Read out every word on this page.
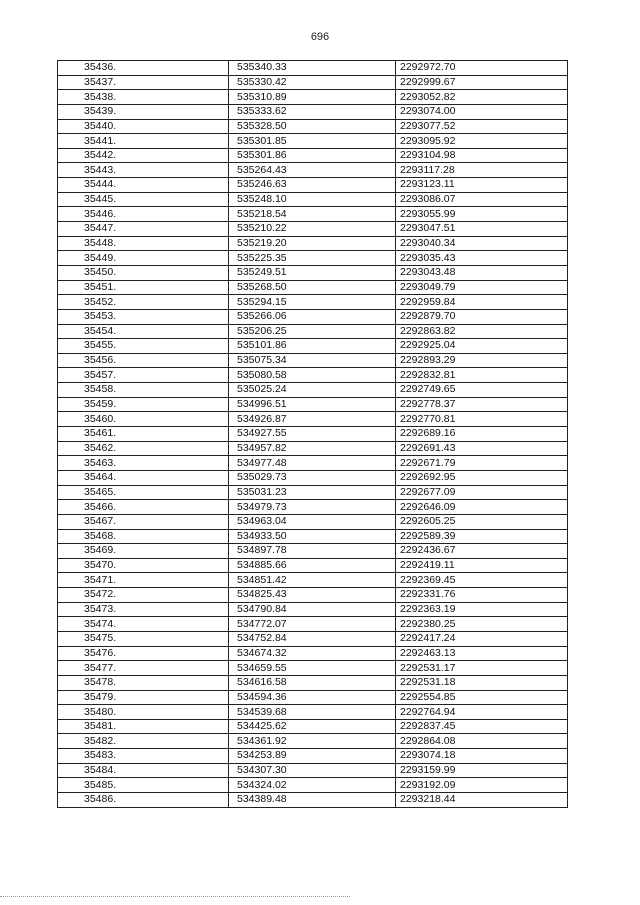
696
35436.	535340.33	2292972.70
35437.	535330.42	2292999.67
35438.	535310.89	2293052.82
35439.	535333.62	2293074.00
35440.	535328.50	2293077.52
35441.	535301.85	2293095.92
35442.	535301.86	2293104.98
35443.	535264.43	2293117.28
35444.	535246.63	2293123.11
35445.	535248.10	2293086.07
35446.	535218.54	2293055.99
35447.	535210.22	2293047.51
35448.	535219.20	2293040.34
35449.	535225.35	2293035.43
35450.	535249.51	2293043.48
35451.	535268.50	2293049.79
35452.	535294.15	2292959.84
35453.	535266.06	2292879.70
35454.	535206.25	2292863.82
35455.	535101.86	2292925.04
35456.	535075.34	2292893.29
35457.	535080.58	2292832.81
35458.	535025.24	2292749.65
35459.	534996.51	2292778.37
35460.	534926.87	2292770.81
35461.	534927.55	2292689.16
35462.	534957.82	2292691.43
35463.	534977.48	2292671.79
35464.	535029.73	2292692.95
35465.	535031.23	2292677.09
35466.	534979.73	2292646.09
35467.	534963.04	2292605.25
35468.	534933.50	2292589.39
35469.	534897.78	2292436.67
35470.	534885.66	2292419.11
35471.	534851.42	2292369.45
35472.	534825.43	2292331.76
35473.	534790.84	2292363.19
35474.	534772.07	2292380.25
35475.	534752.84	2292417.24
35476.	534674.32	2292463.13
35477.	534659.55	2292531.17
35478.	534616.58	2292531.18
35479.	534594.36	2292554.85
35480.	534539.68	2292764.94
35481.	534425.62	2292837.45
35482.	534361.92	2292864.08
35483.	534253.89	2293074.18
35484.	534307.30	2293159.99
35485.	534324.02	2293192.09
35486.	534389.48	2293218.44
